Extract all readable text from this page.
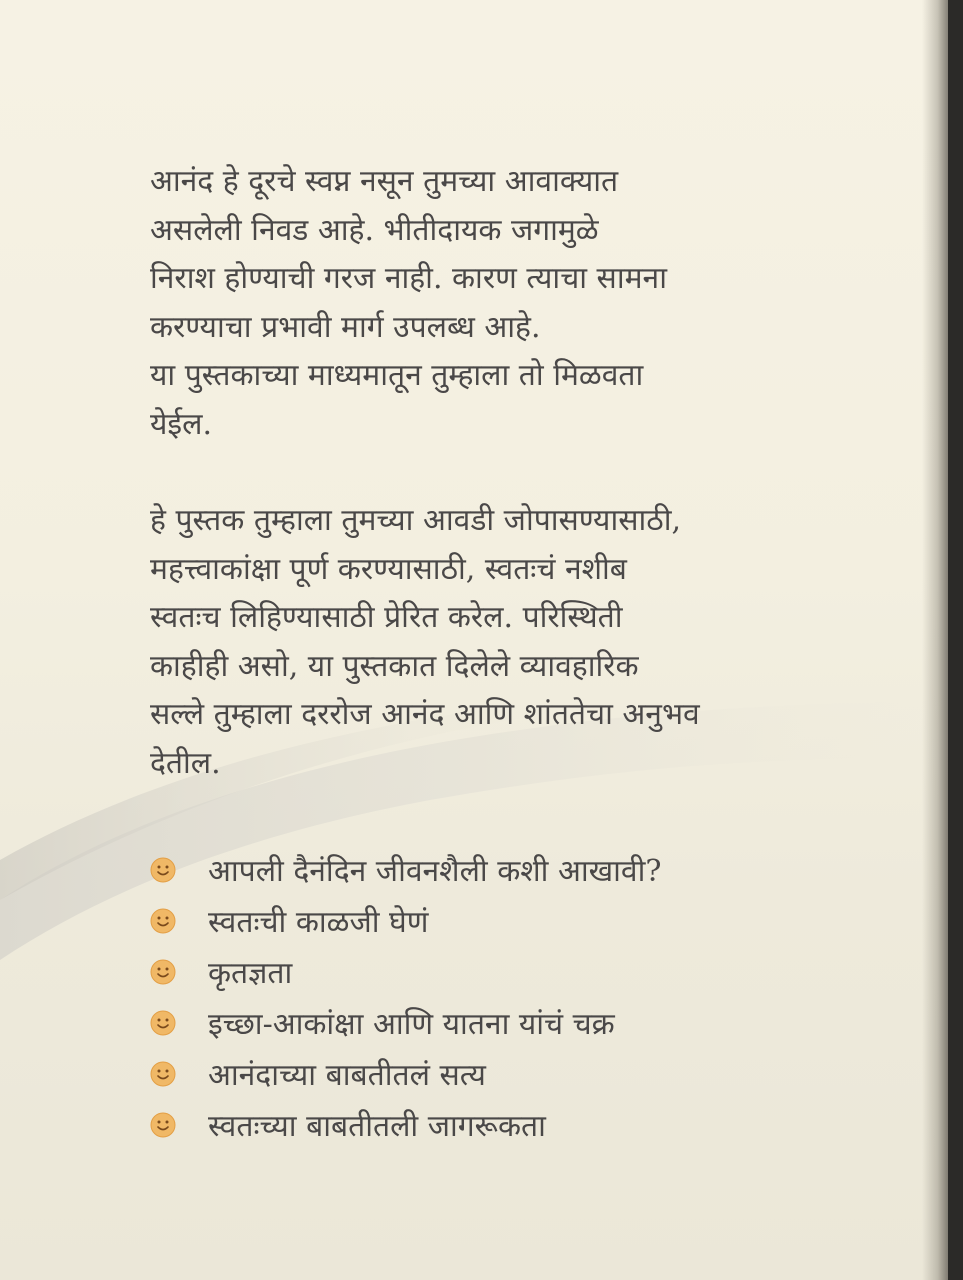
आनंद हे दूरचे स्वप्न नसून तुमच्या आवाक्यात

असलेली निवड आहे. भीतीदायक जगामुळे

निराश होण्याची गरज नाही. कारण त्याचा सामना

करण्याचा प्रभावी मार्ग उपलब्ध आहे.

या पुस्तकाच्या माध्यमातून तुम्हाला तो मिळवता

येईल.

हे पुस्तक तुम्हाला तुमच्या आवडी जोपासण्यासाठी,

महत्त्वाकांक्षा पूर्ण करण्यासाठी, स्वतःचं नशीब

स्वतःच लिहिण्यासाठी प्रेरित करेल. परिस्थिती

काहीही असो, या पुस्तकात दिलेले व्यावहारिक

सल्ले तुम्हाला दररोज आनंद आणि शांततेचा अनुभव

देतील.

आपली दैनंदिन जीवनशैली कशी आखावी?
स्वतःची काळजी घेणं
कृतज्ञता
इच्छा-आकांक्षा आणि यातना यांचं चक्र
आनंदाच्या बाबतीतलं सत्य
स्वतःच्या बाबतीतली जागरूकता
